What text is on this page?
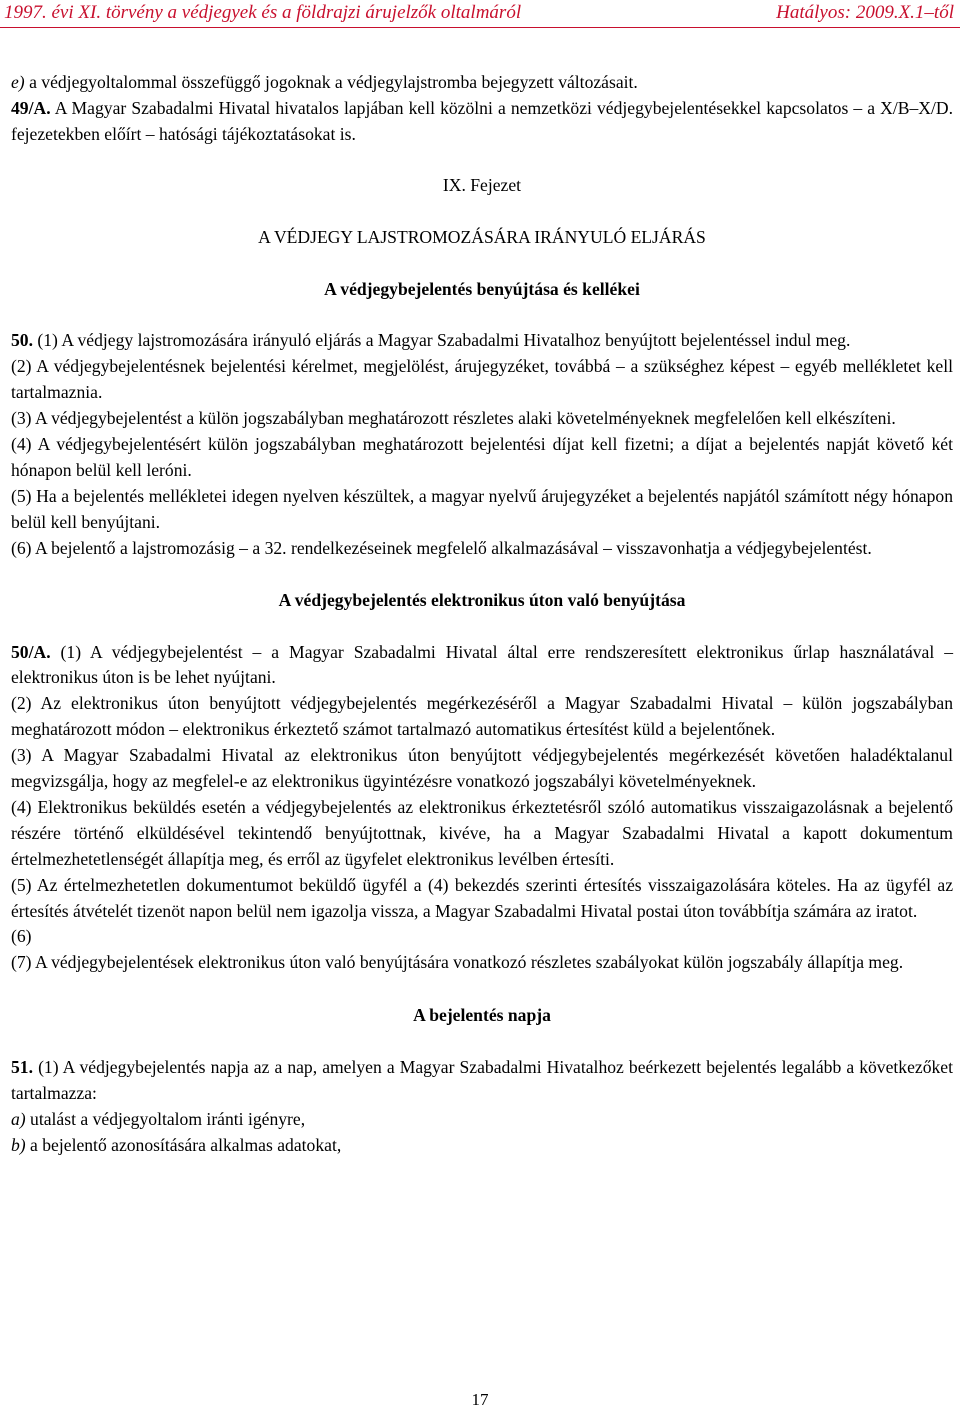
1997. évi XI. törvény a védjegyek és a földrajzi árujelzők oltalmáról	Hatályos: 2009.X.1–től

e) a védjegyoltalommal összefüggő jogoknak a védjegylajstromba bejegyzett változásait.

49/A. A Magyar Szabadalmi Hivatal hivatalos lapjában kell közölni a nemzetközi védjegybejelentésekkel kapcsolatos – a X/B–X/D. fejezetekben előírt – hatósági tájékoztatásokat is.

IX. Fejezet

A VÉDJEGY LAJSTROMOZÁSÁRA IRÁNYULÓ ELJÁRÁS

A védjegybejelentés benyújtása és kellékei

50. (1) A védjegy lajstromozására irányuló eljárás a Magyar Szabadalmi Hivatalhoz benyújtott bejelentéssel indul meg.

(2) A védjegybejelentésnek bejelentési kérelmet, megjelölést, árujegyzéket, továbbá – a szükséghez képest – egyéb mellékletet kell tartalmaznia.

(3) A védjegybejelentést a külön jogszabályban meghatározott részletes alaki követelményeknek megfelelően kell elkészíteni.

(4) A védjegybejelentésért külön jogszabályban meghatározott bejelentési díjat kell fizetni; a díjat a bejelentés napját követő két hónapon belül kell leróni.

(5) Ha a bejelentés mellékletei idegen nyelven készültek, a magyar nyelvű árujegyzéket a bejelentés napjától számított négy hónapon belül kell benyújtani.

(6) A bejelentő a lajstromozásig – a 32. rendelkezéseinek megfelelő alkalmazásával – visszavonhatja a védjegybejelentést.

A védjegybejelentés elektronikus úton való benyújtása

50/A. (1) A védjegybejelentést – a Magyar Szabadalmi Hivatal által erre rendszeresített elektronikus űrlap használatával – elektronikus úton is be lehet nyújtani.

(2) Az elektronikus úton benyújtott védjegybejelentés megérkezéséről a Magyar Szabadalmi Hivatal – külön jogszabályban meghatározott módon – elektronikus érkeztető számot tartalmazó automatikus értesítést küld a bejelentőnek.

(3) A Magyar Szabadalmi Hivatal az elektronikus úton benyújtott védjegybejelentés megérkezését követően haladéktalanul megvizsgálja, hogy az megfelel-e az elektronikus ügyintézésre vonatkozó jogszabályi követelményeknek.

(4) Elektronikus beküldés esetén a védjegybejelentés az elektronikus érkeztetésről szóló automatikus visszaigazolásnak a bejelentő részére történő elküldésével tekintendő benyújtottnak, kivéve, ha a Magyar Szabadalmi Hivatal a kapott dokumentum értelmezhetetlenségét állapítja meg, és erről az ügyfelet elektronikus levélben értesíti.

(5) Az értelmezhetetlen dokumentumot beküldő ügyfél a (4) bekezdés szerinti értesítés visszaigazolására köteles. Ha az ügyfél az értesítés átvételét tizenöt napon belül nem igazolja vissza, a Magyar Szabadalmi Hivatal postai úton továbbítja számára az iratot.

(6)

(7) A védjegybejelentések elektronikus úton való benyújtására vonatkozó részletes szabályokat külön jogszabály állapítja meg.

A bejelentés napja

51. (1) A védjegybejelentés napja az a nap, amelyen a Magyar Szabadalmi Hivatalhoz beérkezett bejelentés legalább a következőket tartalmazza:

a) utalást a védjegyoltalom iránti igényre,

b) a bejelentő azonosítására alkalmas adatokat,

17
